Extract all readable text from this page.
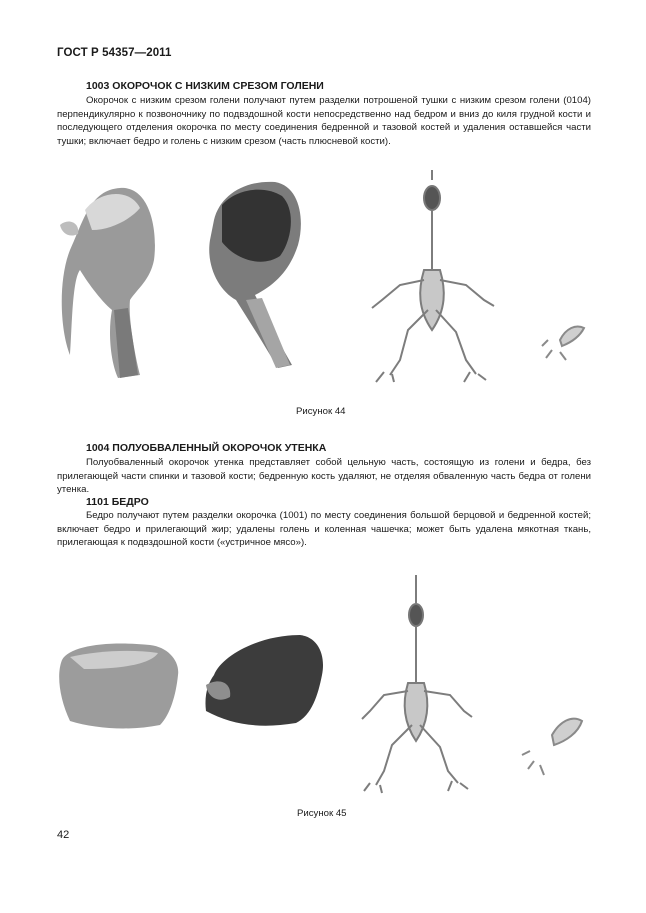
ГОСТ Р 54357—2011
1003 ОКОРОЧОК С НИЗКИМ СРЕЗОМ ГОЛЕНИ
Окорочок с низким срезом голени получают путем разделки потрошеной тушки с низким срезом голени (0104) перпендикулярно к позвоночнику по подвздошной кости непосредственно над бедром и вниз до киля грудной кости и последующего отделения окорочка по месту соединения бедренной и тазовой костей и удаления оставшейся части тушки; включает бедро и голень с низким срезом (часть плюсневой кости).
Рисунок 44
1004 ПОЛУОБВАЛЕННЫЙ ОКОРОЧОК УТЕНКА
Полуобваленный окорочок утенка представляет собой цельную часть, состоящую из голени и бедра, без прилегающей части спинки и тазовой кости; бедренную кость удаляют, не отделяя обваленную часть бедра от голени утенка.
1101 БЕДРО
Бедро получают путем разделки окорочка (1001) по месту соединения большой берцовой и бедренной костей; включает бедро и прилегающий жир; удалены голень и коленная чашечка; может быть удалена мякотная ткань, прилегающая к подвздошной кости («устричное мясо»).
Рисунок 45
42
